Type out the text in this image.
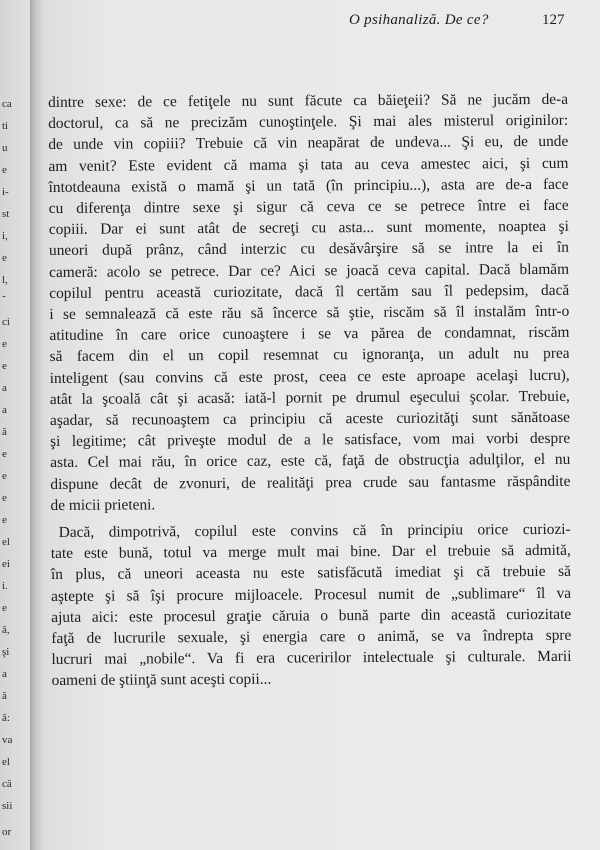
ca
ti
u
e
i-
st
i,
e
l,
-
ci
e
e
a
a
ă
e
e
e
e
el
ei
i.
e
ă,
şi
a
ă
ă:
va
el
că
sii
or
O psihanaliză. De ce?	127
dintre sexe: de ce fetiţele nu sunt făcute ca băieţeii? Să ne jucăm de-a
doctorul, ca să ne precizăm cunoştinţele. Şi mai ales misterul originilor:
de unde vin copiii? Trebuie că vin neapărat de undeva... Şi eu, de unde
am venit? Este evident că mama şi tata au ceva amestec aici, şi cum
întotdeauna există o mamă şi un tată (în principiu...), asta are de-a face
cu diferenţa dintre sexe şi sigur că ceva ce se petrece între ei face
copiii. Dar ei sunt atât de secreţi cu asta... sunt momente, noaptea şi
uneori după prânz, când interzic cu desăvârşire să se intre la ei în
cameră: acolo se petrece. Dar ce? Aici se joacă ceva capital. Dacă blamăm
copilul pentru această curiozitate, dacă îl certăm sau îl pedepsim, dacă
i se semnalează că este rău să încerce să ştie, riscăm să îl instalăm într-o
atitudine în care orice cunoaştere i se va părea de condamnat, riscăm
să facem din el un copil resemnat cu ignoranţa, un adult nu prea
inteligent (sau convins că este prost, ceea ce este aproape acelaşi lucru),
atât la şcoală cât şi acasă: iată-l pornit pe drumul eşecului şcolar. Trebuie,
aşadar, să recunoaştem ca principiu că aceste curiozităţi sunt sănătoase
şi legitime; cât priveşte modul de a le satisface, vom mai vorbi despre
asta. Cel mai rău, în orice caz, este că, faţă de obstrucţia adulţilor, el nu
dispune decât de zvonuri, de realităţi prea crude sau fantasme răspândite
de micii prieteni.
Dacă, dimpotrivă, copilul este convins că în principiu orice curiozi-
tate este bună, totul va merge mult mai bine. Dar el trebuie să admită,
în plus, că uneori aceasta nu este satisfăcută imediat şi că trebuie să
aştepte şi să îşi procure mijloacele. Procesul numit de „sublimare“ îl va
ajuta aici: este procesul graţie căruia o bună parte din această curiozitate
faţă de lucrurile sexuale, şi energia care o animă, se va îndrepta spre
lucruri mai „nobile“. Va fi era cuceririlor intelectuale şi culturale. Marii
oameni de ştiinţă sunt aceşti copii...
